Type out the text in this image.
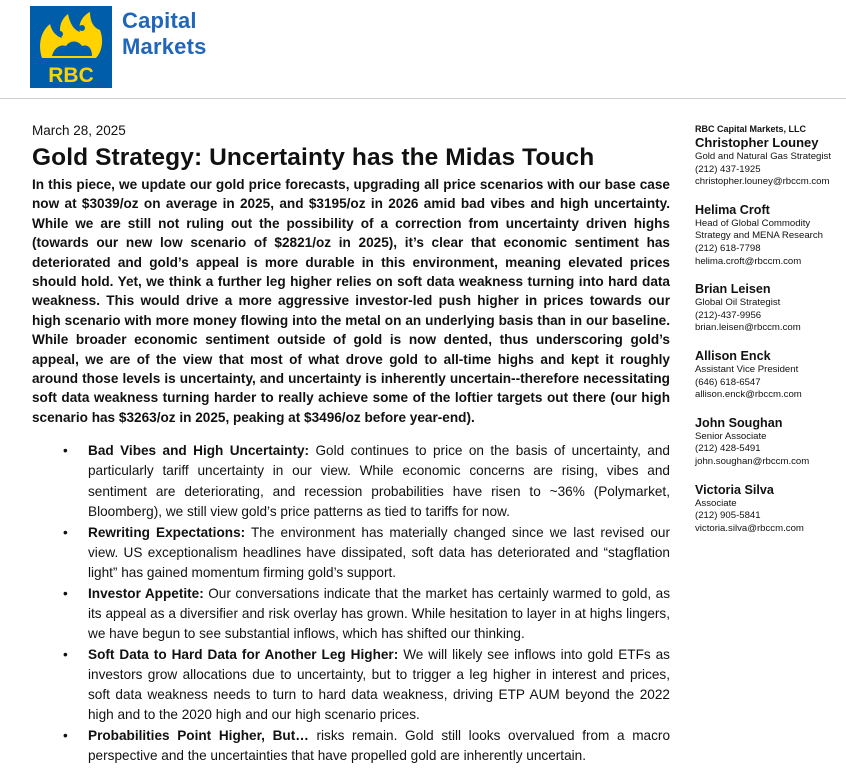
RBC ®
Capital
Markets
March 28, 2025
Gold Strategy: Uncertainty has the Midas Touch

In this piece, we update our gold price forecasts, upgrading all price scenarios with our base case now at $3039/oz on average in 2025, and $3195/oz in 2026 amid bad vibes and high uncertainty. While we are still not ruling out the possibility of a correction from uncertainty driven highs (towards our new low scenario of $2821/oz in 2025), it’s clear that economic sentiment has deteriorated and gold’s appeal is more durable in this environment, meaning elevated prices should hold. Yet, we think a further leg higher relies on soft data weakness turning into hard data weakness. This would drive a more aggressive investor-led push higher in prices towards our high scenario with more money flowing into the metal on an underlying basis than in our baseline. While broader economic sentiment outside of gold is now dented, thus underscoring gold’s appeal, we are of the view that most of what drove gold to all-time highs and kept it roughly around those levels is uncertainty, and uncertainty is inherently uncertain--therefore necessitating soft data weakness turning harder to really achieve some of the loftier targets out there (our high scenario has $3263/oz in 2025, peaking at $3496/oz before year-end).

• Bad Vibes and High Uncertainty: Gold continues to price on the basis of uncertainty, and particularly tariff uncertainty in our view. While economic concerns are rising, vibes and sentiment are deteriorating, and recession probabilities have risen to ~36% (Polymarket, Bloomberg), we still view gold’s price patterns as tied to tariffs for now.
• Rewriting Expectations: The environment has materially changed since we last revised our view. US exceptionalism headlines have dissipated, soft data has deteriorated and “stagflation light” has gained momentum firming gold’s support.
• Investor Appetite: Our conversations indicate that the market has certainly warmed to gold, as its appeal as a diversifier and risk overlay has grown. While hesitation to layer in at highs lingers, we have begun to see substantial inflows, which has shifted our thinking.
• Soft Data to Hard Data for Another Leg Higher: We will likely see inflows into gold ETFs as investors grow allocations due to uncertainty, but to trigger a leg higher in interest and prices, soft data weakness needs to turn to hard data weakness, driving ETP AUM beyond the 2022 high and to the 2020 high and our high scenario prices.
• Probabilities Point Higher, But… risks remain. Gold still looks overvalued from a macro perspective and the uncertainties that have propelled gold are inherently uncertain.
RBC Capital Markets, LLC
Christopher Louney
Gold and Natural Gas Strategist
(212) 437-1925
christopher.louney@rbccm.com
Helima Croft
Head of Global Commodity Strategy and MENA Research
(212) 618-7798
helima.croft@rbccm.com
Brian Leisen
Global Oil Strategist
(212)-437-9956
brian.leisen@rbccm.com
Allison Enck
Assistant Vice President
(646) 618-6547
allison.enck@rbccm.com
John Soughan
Senior Associate
(212) 428-5491
john.soughan@rbccm.com
Victoria Silva
Associate
(212) 905-5841
victoria.silva@rbccm.com
